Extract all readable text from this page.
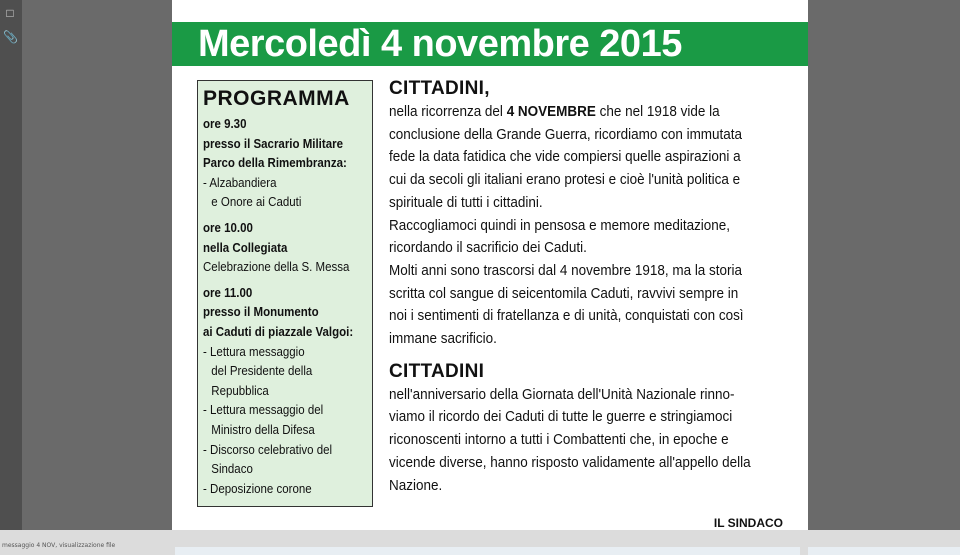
□
📎	Mercoledì 4 novembre 2015
PROGRAMMA
ore 9.30
presso il Sacrario Militare
Parco della Rimembranza:
- Alzabandiera
e Onore ai Caduti
ore 10.00
nella Collegiata
Celebrazione della S. Messa
ore 11.00
presso il Monumento
ai Caduti di piazzale Valgoi:
- Lettura messaggio
del Presidente della
Repubblica
- Lettura messaggio del
Ministro della Difesa
- Discorso celebrativo del
Sindaco
- Deposizione corone
CITTADINI,
nella ricorrenza del 4 NOVEMBRE che nel 1918 vide la
conclusione della Grande Guerra, ricordiamo con immutata
fede la data fatidica che vide compiersi quelle aspirazioni a
cui da secoli gli italiani erano protesi e cioè l'unità politica e
spirituale di tutti i cittadini.
Raccogliamoci quindi in pensosa e memore meditazione,
ricordando il sacrificio dei Caduti.
Molti anni sono trascorsi dal 4 novembre 1918, ma la storia
scritta col sangue di seicentomila Caduti, ravvivi sempre in
noi i sentimenti di fratellanza e di unità, conquistati con così
immane sacrificio.
CITTADINI
nell'anniversario della Giornata dell'Unità Nazionale rinno-
viamo il ricordo dei Caduti di tutte le guerre e stringiamoci
riconoscenti intorno a tutti i Combattenti che, in epoche e
vicende diverse, hanno risposto validamente all'appello della
Nazione.
IL SINDACO
messaggio 4 NOV, visualizzazione file
